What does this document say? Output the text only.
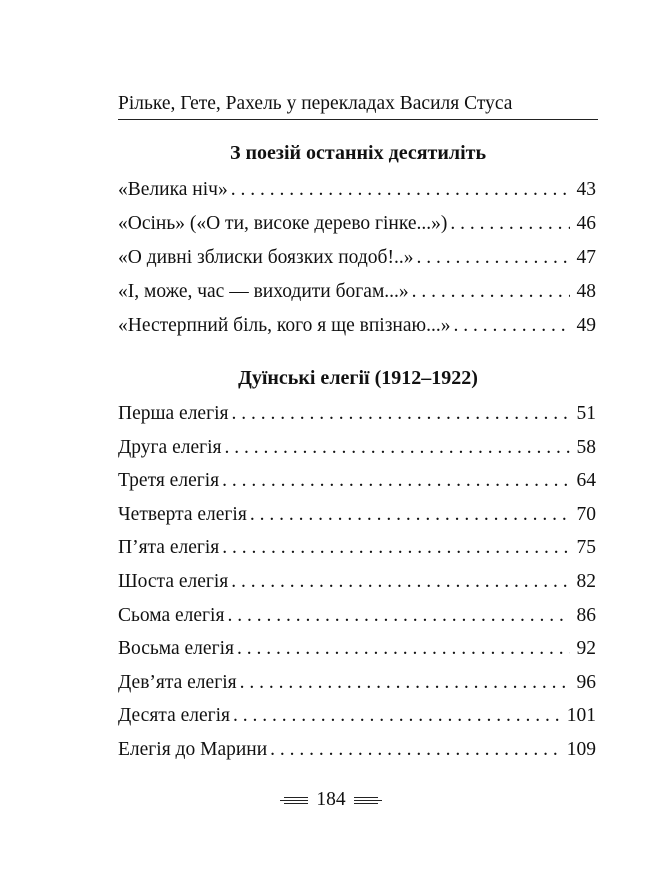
Рільке, Гете, Рахель у перекладах Василя Стуса
З поезій останніх десятиліть
«Велика ніч» . . .	43
«Осінь» («О ти, високе дерево гінке...») . . .	46
«О дивні зблиски боязких подоб!..» . . .	47
«І, може, час — виходити богам...» . . .	48
«Нестерпний біль, кого я ще впізнаю...» . . .	49
Дуїнські елегії (1912–1922)
Перша елегія . . .	51
Друга елегія . . .	58
Третя елегія . . .	64
Четверта елегія . . .	70
П’ята елегія . . .	75
Шоста елегія . . .	82
Сьома елегія . . .	86
Восьма елегія . . .	92
Дев’ята елегія . . .	96
Десята елегія . . .	101
Елегія до Марини . . .	109
184
